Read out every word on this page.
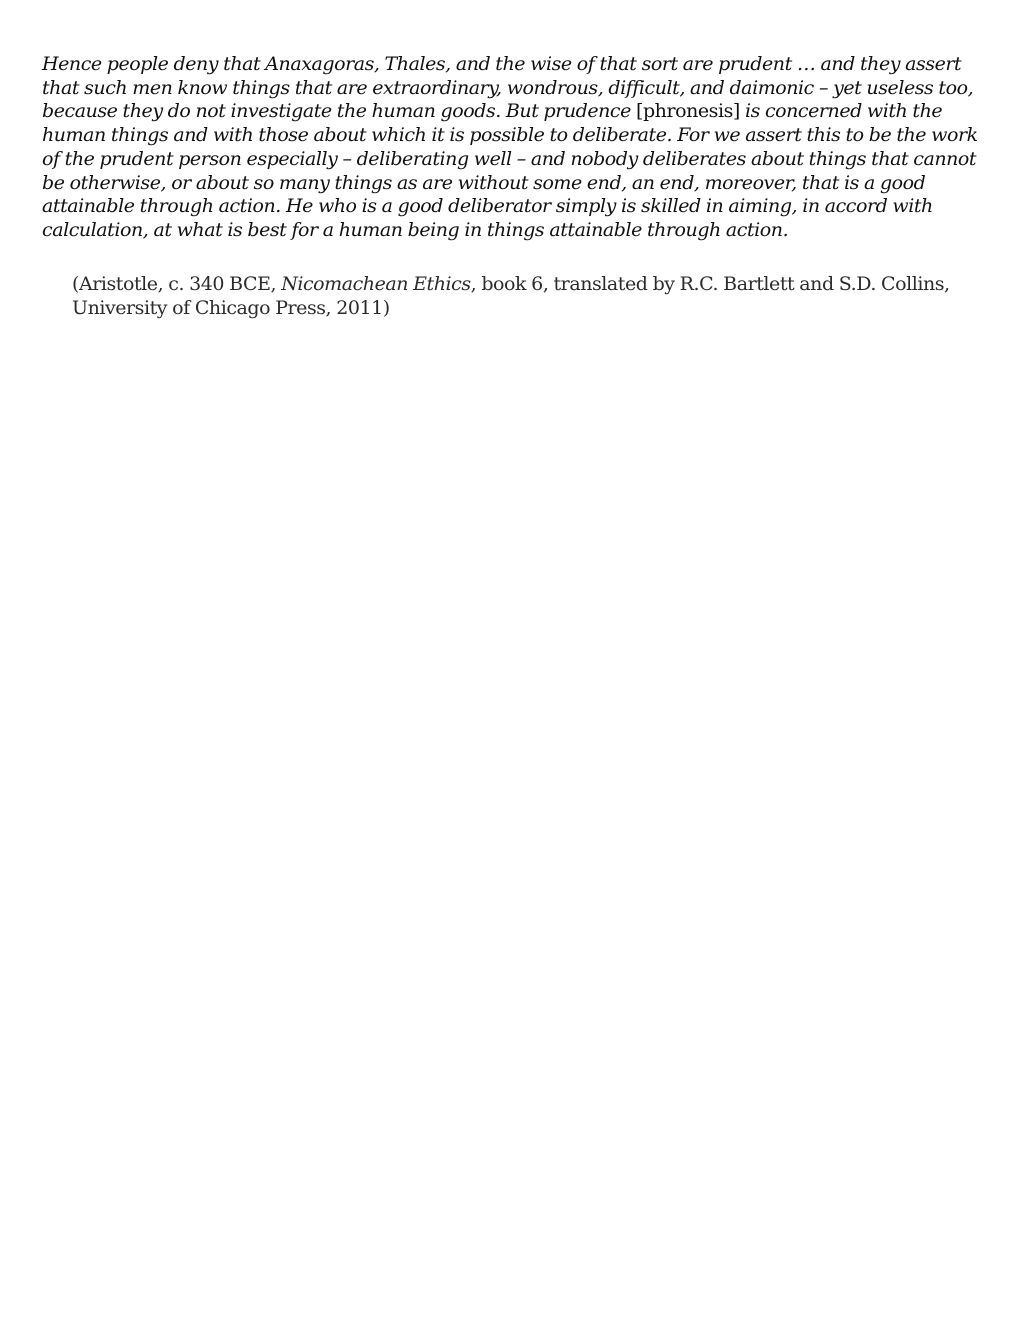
Hence people deny that Anaxagoras, Thales, and the wise of that sort are prudent … and they assert that such men know things that are extraordinary, wondrous, difficult, and daimonic – yet useless too, because they do not investigate the human goods. But prudence [phronesis] is concerned with the human things and with those about which it is possible to deliberate. For we assert this to be the work of the prudent person especially – deliberating well – and nobody deliberates about things that cannot be otherwise, or about so many things as are without some end, an end, moreover, that is a good attainable through action. He who is a good deliberator simply is skilled in aiming, in accord with calculation, at what is best for a human being in things attainable through action.

(Aristotle, c. 340 BCE, Nicomachean Ethics, book 6, translated by R.C. Bartlett and S.D. Collins, University of Chicago Press, 2011)
